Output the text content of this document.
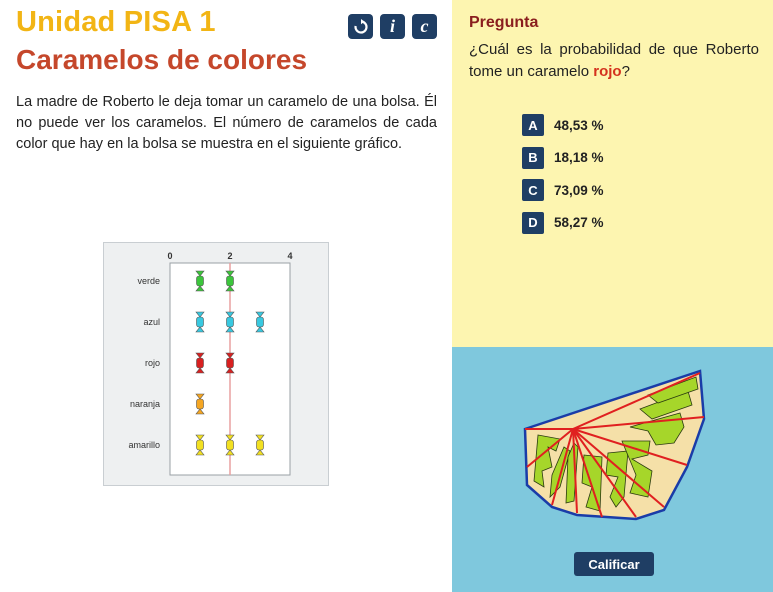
Unidad PISA 1
Caramelos de colores
i c
La madre de Roberto le deja tomar un caramelo de una bolsa. Él no puede ver los caramelos. El número de caramelos de cada color que hay en la bolsa se muestra en el siguiente gráfico.
0	2	4
verde
azul
rojo
naranja
amarillo
Pregunta
¿Cuál es la probabilidad de que Roberto tome un caramelo rojo?
A	48,53 %
B	18,18 %
C	73,09 %
D	58,27 %
Calificar
